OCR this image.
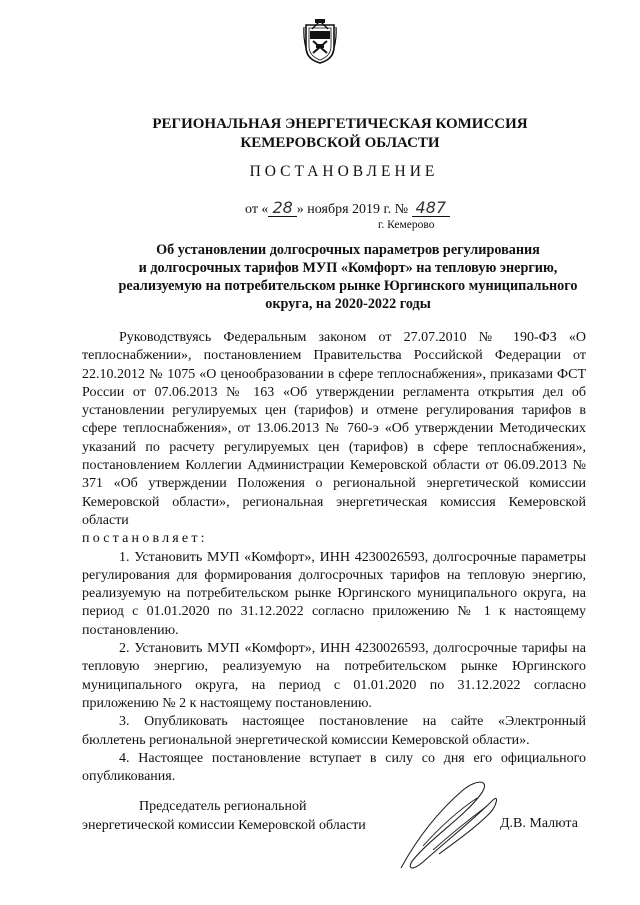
РЕГИОНАЛЬНАЯ ЭНЕРГЕТИЧЕСКАЯ КОМИССИЯ
КЕМЕРОВСКОЙ ОБЛАСТИ
ПОСТАНОВЛЕНИЕ
от « 28 » ноября 2019 г. № 487
г. Кемерово
Об установлении долгосрочных параметров регулирования
и долгосрочных тарифов МУП «Комфорт» на тепловую энергию,
реализуемую на потребительском рынке Юргинского муниципального
округа, на 2020-2022 годы

Руководствуясь Федеральным законом от 27.07.2010 № 190-ФЗ «О теплоснабжении», постановлением Правительства Российской Федерации от 22.10.2012 № 1075 «О ценообразовании в сфере теплоснабжения», приказами ФСТ России от 07.06.2013 № 163 «Об утверждении регламента открытия дел об установлении регулируемых цен (тарифов) и отмене регулирования тарифов в сфере теплоснабжения», от 13.06.2013 № 760-э «Об утверждении Методических указаний по расчету регулируемых цен (тарифов) в сфере теплоснабжения», постановлением Коллегии Администрации Кемеровской области от 06.09.2013 № 371 «Об утверждении Положения о региональной энергетической комиссии Кемеровской области», региональная энергетическая комиссия Кемеровской области

постановляет:

1. Установить МУП «Комфорт», ИНН 4230026593, долгосрочные параметры регулирования для формирования долгосрочных тарифов на тепловую энергию, реализуемую на потребительском рынке Юргинского муниципального округа, на период с 01.01.2020 по 31.12.2022 согласно приложению № 1 к настоящему постановлению.

2. Установить МУП «Комфорт», ИНН 4230026593, долгосрочные тарифы на тепловую энергию, реализуемую на потребительском рынке Юргинского муниципального округа, на период с 01.01.2020 по 31.12.2022 согласно приложению № 2 к настоящему постановлению.

3. Опубликовать настоящее постановление на сайте «Электронный бюллетень региональной энергетической комиссии Кемеровской области».

4. Настоящее постановление вступает в силу со дня его официального опубликования.

Председатель региональной
энергетической комиссии Кемеровской области	Д.В. Малюта
